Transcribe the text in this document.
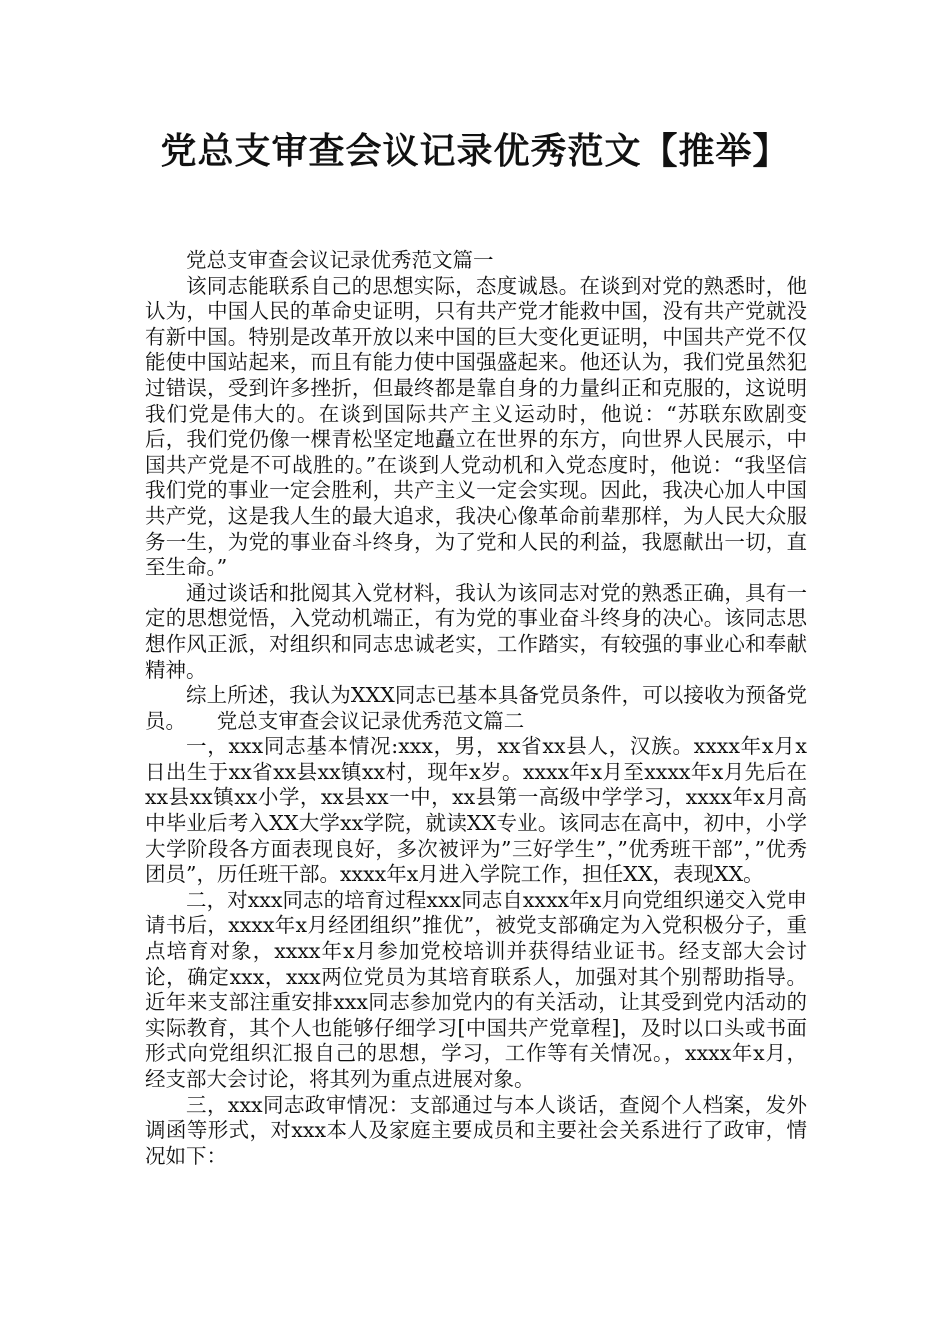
党总支审查会议记录优秀范文【推举】

党总支审查会议记录优秀范文篇一

该同志能联系自己的思想实际，态度诚恳。在谈到对党的熟悉时，他认为，中国人民的革命史证明，只有共产党才能救中国，没有共产党就没有新中国。特别是改革开放以来中国的巨大变化更证明，中国共产党不仅能使中国站起来，而且有能力使中国强盛起来。他还认为，我们党虽然犯过错误，受到许多挫折，但最终都是靠自身的力量纠正和克服的，这说明我们党是伟大的。在谈到国际共产主义运动时，他说：“苏联东欧剧变后，我们党仍像一棵青松坚定地矗立在世界的东方，向世界人民展示，中国共产党是不可战胜的。”在谈到人党动机和入党态度时，他说：“我坚信我们党的事业一定会胜利，共产主义一定会实现。因此，我决心加人中国共产党，这是我人生的最大追求，我决心像革命前辈那样，为人民大众服务一生，为党的事业奋斗终身，为了党和人民的利益，我愿献出一切，直至生命。”

通过谈话和批阅其入党材料，我认为该同志对党的熟悉正确，具有一定的思想觉悟，入党动机端正，有为党的事业奋斗终身的决心。该同志思想作风正派，对组织和同志忠诚老实，工作踏实，有较强的事业心和奉献精神。

综上所述，我认为XXX同志已基本具备党员条件，可以接收为预备党员。　　党总支审查会议记录优秀范文篇二

一，xxx同志基本情况:xxx，男，xx省xx县人，汉族。xxxx年x月x日出生于xx省xx县xx镇xx村，现年x岁。xxxx年x月至xxxx年x月先后在xx县xx镇xx小学，xx县xx一中，xx县第一高级中学学习，xxxx年x月高中毕业后考入XX大学xx学院，就读XX专业。该同志在高中，初中，小学大学阶段各方面表现良好，多次被评为”三好学生”，”优秀班干部”，”优秀团员”，历任班干部。xxxx年x月进入学院工作，担任XX，表现XX。

二，对xxx同志的培育过程xxx同志自xxxx年x月向党组织递交入党申请书后，xxxx年x月经团组织”推优”，被党支部确定为入党积极分子，重点培育对象，xxxx年x月参加党校培训并获得结业证书。经支部大会讨论，确定xxx，xxx两位党员为其培育联系人，加强对其个别帮助指导。近年来支部注重安排xxx同志参加党内的有关活动，让其受到党内活动的实际教育，其个人也能够仔细学习[中国共产党章程]，及时以口头或书面形式向党组织汇报自己的思想，学习，工作等有关情况。，xxxx年x月，经支部大会讨论，将其列为重点进展对象。

三，xxx同志政审情况：支部通过与本人谈话，查阅个人档案，发外调函等形式，对xxx本人及家庭主要成员和主要社会关系进行了政审，情况如下：
